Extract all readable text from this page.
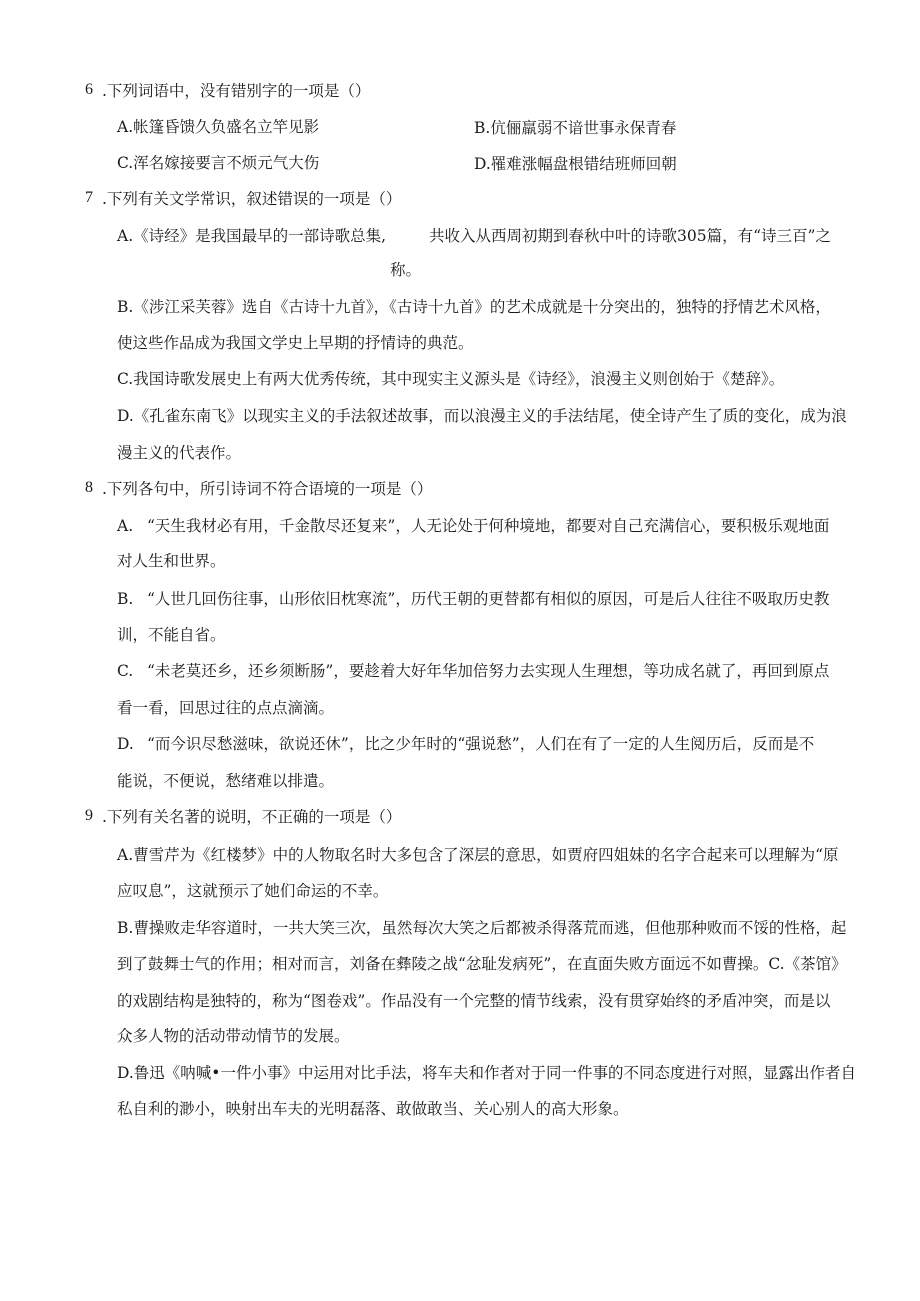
6 .下列词语中，没有错别字的一项是（）
A.帐篷昏馈久负盛名立竿见影	B.伉俪羸弱不谙世事永保青春
C.浑名嫁接要言不烦元气大伤	D.罹难涨幅盘根错结班师回朝
7 .下列有关文学常识，叙述错误的一项是（）
A.《诗经》是我国最早的一部诗歌总集,	共收入从西周初期到春秋中叶的诗歌305篇，有“诗三百”之
称。
B.《涉江采芙蓉》选自《古诗十九首》，《古诗十九首》的艺术成就是十分突出的，独特的抒情艺术风格，
使这些作品成为我国文学史上早期的抒情诗的典范。
C.我国诗歌发展史上有两大优秀传统，其中现实主义源头是《诗经》，浪漫主义则创始于《楚辞》。
D.《孔雀东南飞》以现实主义的手法叙述故事，而以浪漫主义的手法结尾，使全诗产生了质的变化，成为浪
漫主义的代表作。
8 .下列各句中，所引诗词不符合语境的一项是（）
A. “天生我材必有用，千金散尽还复来”，人无论处于何种境地，都要对自己充满信心，要积极乐观地面
对人生和世界。
B. “人世几回伤往事，山形依旧枕寒流”，历代王朝的更替都有相似的原因，可是后人往往不吸取历史教
训，不能自省。
C. “未老莫还乡，还乡须断肠”，要趁着大好年华加倍努力去实现人生理想，等功成名就了，再回到原点
看一看，回思过往的点点滴滴。
D. “而今识尽愁滋味，欲说还休”，比之少年时的“强说愁”，人们在有了一定的人生阅历后，反而是不
能说，不便说，愁绪难以排遣。
9 .下列有关名著的说明，不正确的一项是（）
A.曹雪芹为《红楼梦》中的人物取名时大多包含了深层的意思，如贾府四姐妹的名字合起来可以理解为“原
应叹息”，这就预示了她们命运的不幸。
B.曹操败走华容道时，一共大笑三次，虽然每次大笑之后都被杀得落荒而逃，但他那种败而不馁的性格，起
到了鼓舞士气的作用；相对而言，刘备在彝陵之战“忿耻发病死”，在直面失败方面远不如曹操。C.《茶馆》
的戏剧结构是独特的，称为“图卷戏”。作品没有一个完整的情节线索，没有贯穿始终的矛盾冲突，而是以
众多人物的活动带动情节的发展。
D.鲁迅《呐喊•一件小事》中运用对比手法，将车夫和作者对于同一件事的不同态度进行对照，显露出作者自
私自利的渺小，映射出车夫的光明磊落、敢做敢当、关心别人的高大形象。
